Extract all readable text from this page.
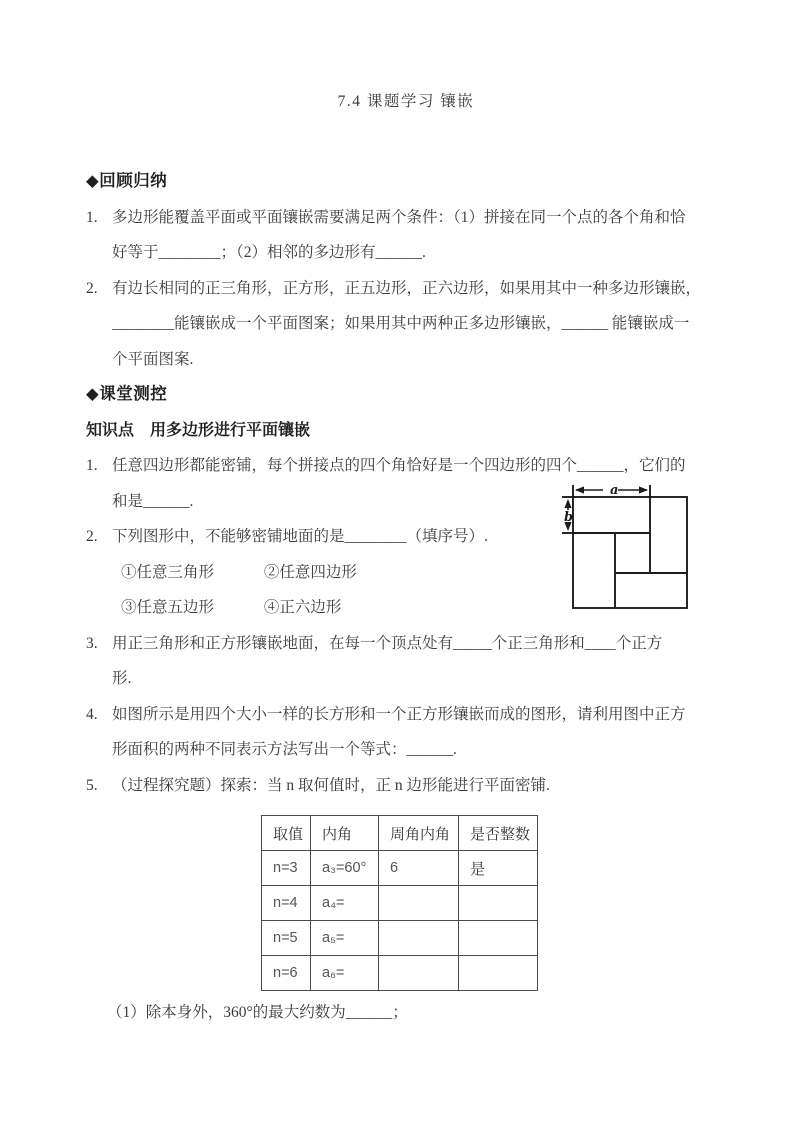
7.4 课题学习 镶嵌
◆回顾归纳
1. 多边形能覆盖平面或平面镶嵌需要满足两个条件：（1）拼接在同一个点的各个角和恰
好等于________；（2）相邻的多边形有______.
2. 有边长相同的正三角形，正方形，正五边形，正六边形，如果用其中一种多边形镶嵌，
________能镶嵌成一个平面图案；如果用其中两种正多边形镶嵌，______ 能镶嵌成一
个平面图案.
◆课堂测控
知识点　用多边形进行平面镶嵌
1. 任意四边形都能密铺，每个拼接点的四个角恰好是一个四边形的四个______，它们的
和是______.
2. 下列图形中，不能够密铺地面的是________（填序号）.
①任意三角形	②任意四边形
③任意五边形	④正六边形
3. 用正三角形和正方形镶嵌地面，在每一个顶点处有_____个正三角形和____个正方
形.
4. 如图所示是用四个大小一样的长方形和一个正方形镶嵌而成的图形，请利用图中正方
形面积的两种不同表示方法写出一个等式：______.
5. （过程探究题）探索：当 n 取何值时，正 n 边形能进行平面密铺.
取值	内角	周角内角	是否整数
n=3	a₃=60°	6	是
n=4	a₄=		
n=5	a₅=		
n=6	a₆=		
（1）除本身外，360°的最大约数为______；
a
b
